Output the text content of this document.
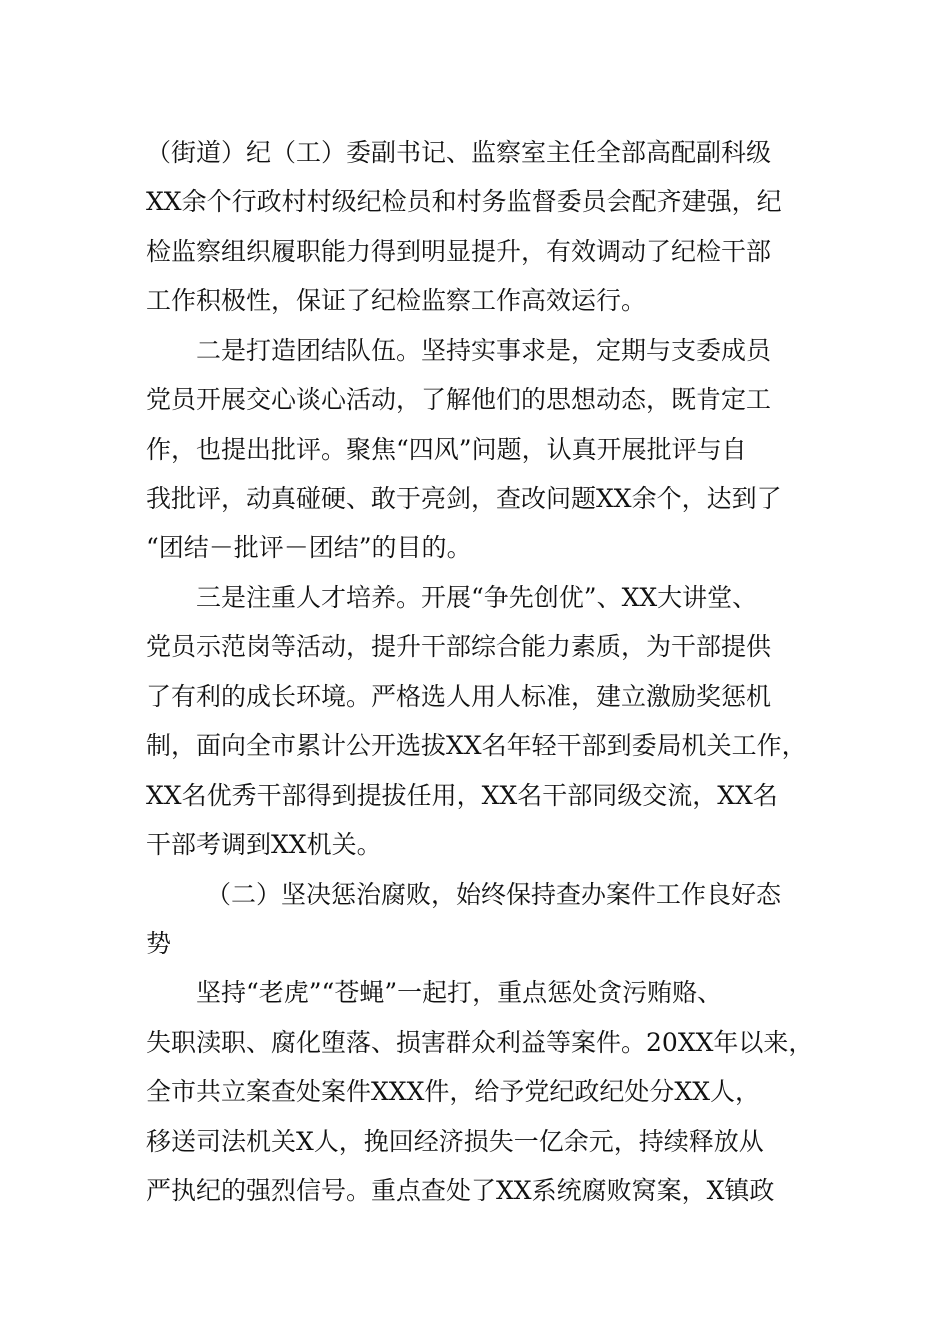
（街道）纪（工）委副书记、监察室主任全部高配副科级

XX余个行政村村级纪检员和村务监督委员会配齐建强，纪

检监察组织履职能力得到明显提升，有效调动了纪检干部

工作积极性，保证了纪检监察工作高效运行。

二是打造团结队伍。坚持实事求是，定期与支委成员

党员开展交心谈心活动，了解他们的思想动态，既肯定工

作，也提出批评。聚焦“四风”问题，认真开展批评与自

我批评，动真碰硬、敢于亮剑，查改问题XX余个，达到了

“团结－批评－团结”的目的。

三是注重人才培养。开展“争先创优”、XX大讲堂、

党员示范岗等活动，提升干部综合能力素质，为干部提供

了有利的成长环境。严格选人用人标准，建立激励奖惩机

制，面向全市累计公开选拔XX名年轻干部到委局机关工作，

XX名优秀干部得到提拔任用，XX名干部同级交流，XX名

干部考调到XX机关。

（二）坚决惩治腐败，始终保持查办案件工作良好态

势

坚持“老虎”“苍蝇”一起打，重点惩处贪污贿赂、

失职渎职、腐化堕落、损害群众利益等案件。20XX年以来，

全市共立案查处案件XXX件，给予党纪政纪处分XX人，

移送司法机关X人，挽回经济损失一亿余元，持续释放从

严执纪的强烈信号。重点查处了XX系统腐败窝案，X镇政
